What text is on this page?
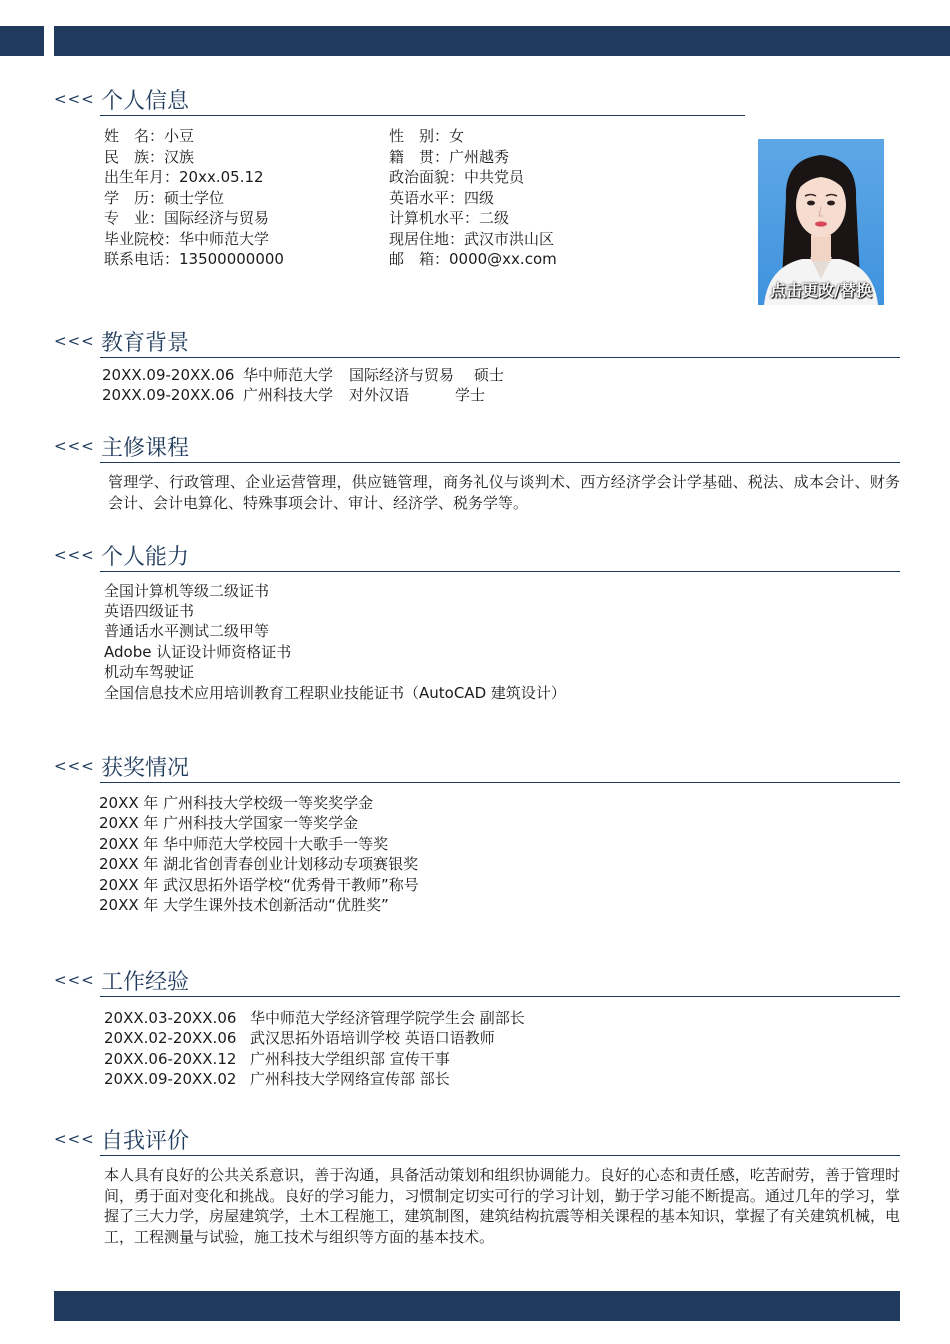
<<< 个人信息
姓　名：小豆
民　族：汉族
出生年月：20xx.05.12
学　历：硕士学位
专　业：国际经济与贸易
毕业院校：华中师范大学
联系电话：13500000000
性　别：女
籍　贯：广州越秀
政治面貌：中共党员
英语水平：四级
计算机水平：二级
现居住地：武汉市洪山区
邮　箱：0000@xx.com
点击更改/替换
<<< 教育背景
20XX.09-20XX.06 华中师范大学 国际经济与贸易 硕士
20XX.09-20XX.06 广州科技大学 对外汉语	学士
<<< 主修课程
管理学、行政管理、企业运营管理，供应链管理，商务礼仪与谈判术、西方经济学会计学基础、税法、成本会计、财务会计、会计电算化、特殊事项会计、审计、经济学、税务学等。
<<< 个人能力
全国计算机等级二级证书
英语四级证书
普通话水平测试二级甲等
Adobe 认证设计师资格证书
机动车驾驶证
全国信息技术应用培训教育工程职业技能证书（AutoCAD 建筑设计）
<<< 获奖情况
20XX 年 广州科技大学校级一等奖奖学金
20XX 年 广州科技大学国家一等奖学金
20XX 年 华中师范大学校园十大歌手一等奖
20XX 年 湖北省创青春创业计划移动专项赛银奖
20XX 年 武汉思拓外语学校“优秀骨干教师”称号
20XX 年 大学生课外技术创新活动“优胜奖”
<<< 工作经验
20XX.03-20XX.06 华中师范大学经济管理学院学生会 副部长
20XX.02-20XX.06 武汉思拓外语培训学校 英语口语教师
20XX.06-20XX.12 广州科技大学组织部 宣传干事
20XX.09-20XX.02 广州科技大学网络宣传部 部长
<<< 自我评价
本人具有良好的公共关系意识，善于沟通，具备活动策划和组织协调能力。良好的心态和责任感，吃苦耐劳，善于管理时间，勇于面对变化和挑战。良好的学习能力，习惯制定切实可行的学习计划，勤于学习能不断提高。通过几年的学习，掌握了三大力学，房屋建筑学，土木工程施工，建筑制图，建筑结构抗震等相关课程的基本知识，掌握了有关建筑机械，电工，工程测量与试验，施工技术与组织等方面的基本技术。
